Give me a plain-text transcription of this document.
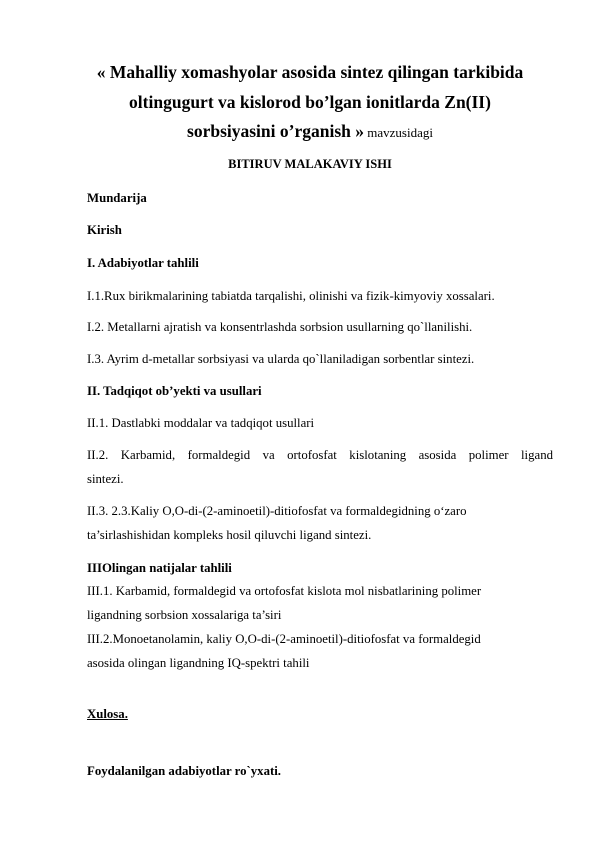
« Mahalliy xomashyolar asosida sintez qilingan tarkibida
oltingugurt va kislorod bo’lgan ionitlarda Zn(II)
sorbsiyasini o’rganish » mavzusidagi
BITIRUV MALAKAVIY ISHI
Mundarija
Kirish
I. Adabiyotlar tahlili
I.1.Rux birikmalarining tabiatda tarqalishi, olinishi va fizik-kimyoviy xossalari.
I.2. Metallarni ajratish va konsentrlashda sorbsion usullarning qo`llanilishi.
I.3. Ayrim d-metallar sorbsiyasi va ularda qo`llaniladigan sorbentlar sintezi.
II. Tadqiqot ob’yekti va usullari
II.1. Dastlabki moddalar va tadqiqot usullari
II.2. Karbamid, formaldegid va ortofosfat kislotaning asosida polimer ligand
sintezi.
II.3. 2.3.Kaliy O,O-di-(2-aminoetil)-ditiofosfat va formaldegidning o‘zaro
ta’sirlashishidan kompleks hosil qiluvchi ligand sintezi.
IIIOlingan natijalar tahlili
III.1. Karbamid, formaldegid va ortofosfat kislota mol nisbatlarining polimer
ligandning sorbsion xossalariga ta’siri
III.2.Monoetanolamin, kaliy O,O-di-(2-aminoetil)-ditiofosfat va formaldegid
asosida olingan ligandning IQ-spektri tahili
Xulosa.
Foydalanilgan adabiyotlar ro`yxati.
